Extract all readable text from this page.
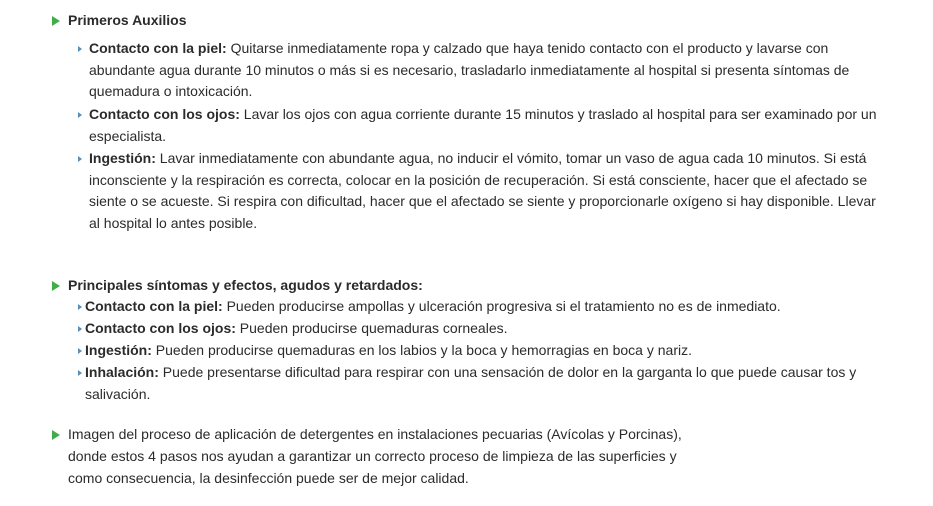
Primeros Auxilios
Contacto con la piel: Quitarse inmediatamente ropa y calzado que haya tenido contacto con el producto y lavarse con abundante agua durante 10 minutos o más si es necesario, trasladarlo inmediatamente al hospital si presenta síntomas de quemadura o intoxicación.
Contacto con los ojos: Lavar los ojos con agua corriente durante 15 minutos y traslado al hospital para ser examinado por un especialista.
Ingestión: Lavar inmediatamente con abundante agua, no inducir el vómito, tomar un vaso de agua cada 10 minutos. Si está inconsciente y la respiración es correcta, colocar en la posición de recuperación. Si está consciente, hacer que el afectado se siente o se acueste. Si respira con dificultad, hacer que el afectado se siente y proporcionarle oxígeno si hay disponible. Llevar al hospital lo antes posible.
Principales síntomas y efectos, agudos y retardados:
Contacto con la piel: Pueden producirse ampollas y ulceración progresiva si el tratamiento no es de inmediato.
Contacto con los ojos: Pueden producirse quemaduras corneales.
Ingestión: Pueden producirse quemaduras en los labios y la boca y hemorragias en boca y nariz.
Inhalación: Puede presentarse dificultad para respirar con una sensación de dolor en la garganta lo que puede causar tos y salivación.
Imagen del proceso de aplicación de detergentes en instalaciones pecuarias (Avícolas y Porcinas),
donde estos 4 pasos nos ayudan a garantizar un correcto proceso de limpieza de las superficies y
como consecuencia, la desinfección puede ser de mejor calidad.
